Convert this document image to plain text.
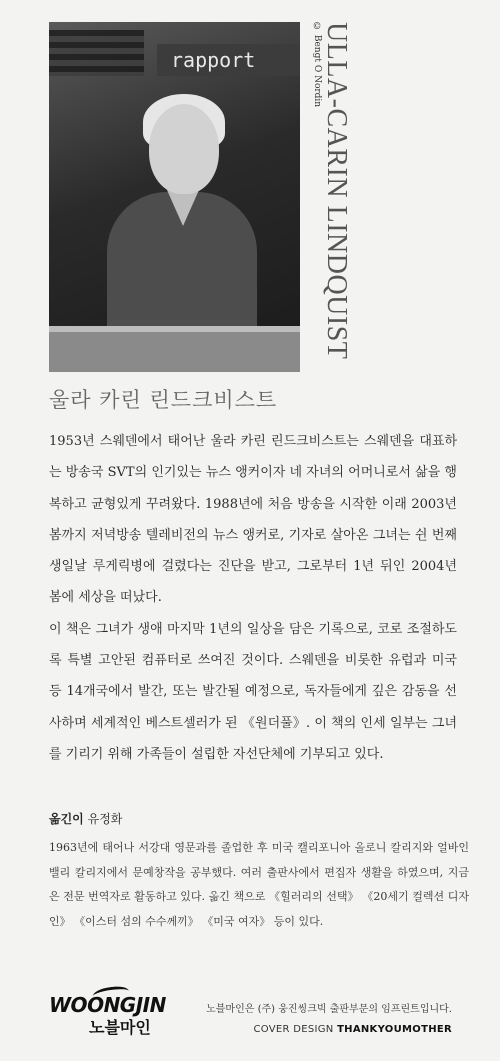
rapport	© Bengt O Nordin ULLA-CARIN LINDQUIST
울라 카린 린드크비스트

1953년 스웨덴에서 태어난 울라 카린 린드크비스트는 스웨덴을 대표하는 방송국 SVT의 인기있는 뉴스 앵커이자 네 자녀의 어머니로서 삶을 행복하고 균형있게 꾸려왔다. 1988년에 처음 방송을 시작한 이래 2003년 봄까지 저녁방송 텔레비전의 뉴스 앵커로, 기자로 살아온 그녀는 쉰 번째 생일날 루게릭병에 걸렸다는 진단을 받고, 그로부터 1년 뒤인 2004년 봄에 세상을 떠났다.

이 책은 그녀가 생애 마지막 1년의 일상을 담은 기록으로, 코로 조절하도록 특별 고안된 컴퓨터로 쓰여진 것이다. 스웨덴을 비롯한 유럽과 미국 등 14개국에서 발간, 또는 발간될 예정으로, 독자들에게 깊은 감동을 선사하며 세계적인 베스트셀러가 된 《원더풀》. 이 책의 인세 일부는 그녀를 기리기 위해 가족들이 설립한 자선단체에 기부되고 있다.

옮긴이 유정화
1963년에 태어나 서강대 영문과를 졸업한 후 미국 캘리포니아 올로니 칼리지와 얼바인 밸리 칼리지에서 문예창작을 공부했다. 여러 출판사에서 편집자 생활을 하였으며, 지금은 전문 번역자로 활동하고 있다. 옮긴 책으로 《힐러리의 선택》 《20세기 컬렉션 디자인》 《이스터 섬의 수수께끼》 《미국 여자》 등이 있다.
WOONGJIN
노블마인
노블마인은 (주) 웅진씽크빅 출판부문의 임프린트입니다.
COVER DESIGN THANKYOUMOTHER
